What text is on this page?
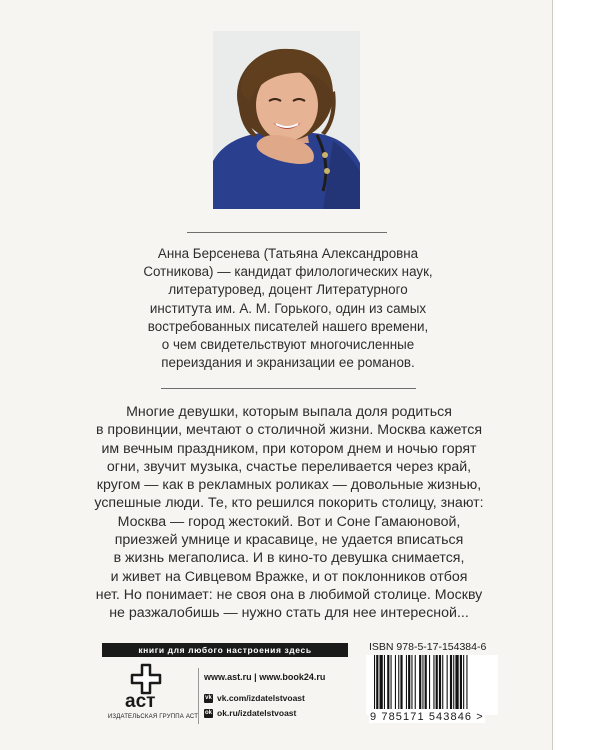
Анна Берсенева (Татьяна Александровна
Сотникова) — кандидат филологических наук,
литературовед, доцент Литературного
института им. А. М. Горького, один из самых
востребованных писателей нашего времени,
о чем свидетельствуют многочисленные
переиздания и экранизации ее романов.
Многие девушки, которым выпала доля родиться
в провинции, мечтают о столичной жизни. Москва кажется
им вечным праздником, при котором днем и ночью горят
огни, звучит музыка, счастье переливается через край,
кругом — как в рекламных роликах — довольные жизнью,
успешные люди. Те, кто решился покорить столицу, знают:
Москва — город жестокий. Вот и Соне Гамаюновой,
приезжей умнице и красавице, не удается вписаться
в жизнь мегаполиса. И в кино-то девушка снимается,
и живет на Сивцевом Вражке, и от поклонников отбоя
нет. Но понимает: не своя она в любимой столице. Москву
не разжалобишь — нужно стать для нее интересной...
книги для любого настроения здесь
аст
ИЗДАТЕЛЬСКАЯ ГРУППА АСТ
www.ast.ru | www.book24.ru
vk vk.com/izdatelstvoast
ok ok.ru/izdatelstvoast
ISBN 978-5-17-154384-6
9 785171 543846 >
